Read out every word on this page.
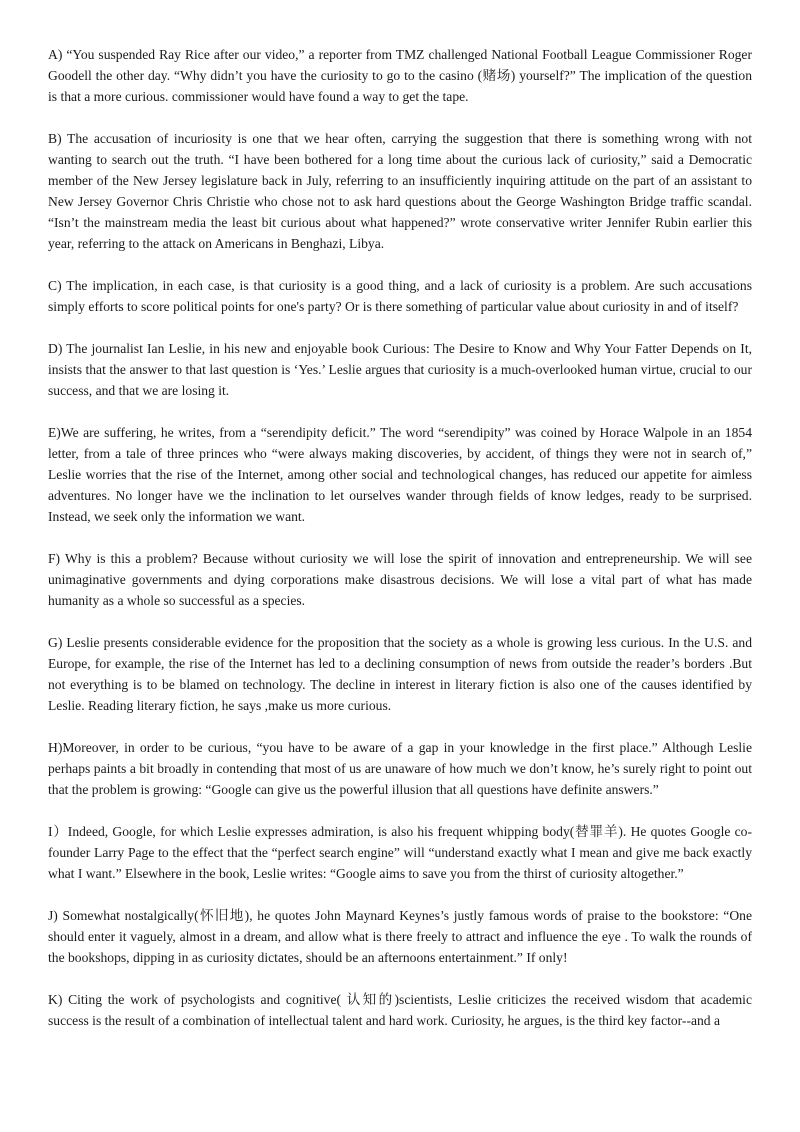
A) “You suspended Ray Rice after our video,” a reporter from TMZ challenged National Football League Commissioner Roger Goodell the other day. “Why didn’t you have the curiosity to go to the casino (赌场) yourself?” The implication of the question is that a more curious. commissioner would have found a way to get the tape.

B) The accusation of incuriosity is one that we hear often, carrying the suggestion that there is something wrong with not wanting to search out the truth. “I have been bothered for a long time about the curious lack of curiosity,” said a Democratic member of the New Jersey legislature back in July, referring to an insufficiently inquiring attitude on the part of an assistant to New Jersey Governor Chris Christie who chose not to ask hard questions about the George Washington Bridge traffic scandal. “Isn’t the mainstream media the least bit curious about what happened?” wrote conservative writer Jennifer Rubin earlier this year, referring to the attack on Americans in Benghazi, Libya.

C) The implication, in each case, is that curiosity is a good thing, and a lack of curiosity is a problem. Are such accusations simply efforts to score political points for one's party? Or is there something of particular value about curiosity in and of itself?

D) The journalist Ian Leslie, in his new and enjoyable book Curious: The Desire to Know and Why Your Fatter Depends on It, insists that the answer to that last question is ‘Yes.’ Leslie argues that curiosity is a much-overlooked human virtue, crucial to our success, and that we are losing it.

E)We are suffering, he writes, from a “serendipity deficit.” The word “serendipity” was coined by Horace Walpole in an 1854 letter, from a tale of three princes who “were always making discoveries, by accident, of things they were not in search of,” Leslie worries that the rise of the Internet, among other social and technological changes, has reduced our appetite for aimless adventures. No longer have we the inclination to let ourselves wander through fields of know ledges, ready to be surprised. Instead, we seek only the information we want.

F) Why is this a problem? Because without curiosity we will lose the spirit of innovation and entrepreneurship. We will see unimaginative governments and dying corporations make disastrous decisions. We will lose a vital part of what has made humanity as a whole so successful as a species.

G) Leslie presents considerable evidence for the proposition that the society as a whole is growing less curious. In the U.S. and Europe, for example, the rise of the Internet has led to a declining consumption of news from outside the reader’s borders .But not everything is to be blamed on technology. The decline in interest in literary fiction is also one of the causes identified by Leslie. Reading literary fiction, he says ,make us more curious.

H)Moreover, in order to be curious, “you have to be aware of a gap in your knowledge in the first place.” Although Leslie perhaps paints a bit broadly in contending that most of us are unaware of how much we don’t know, he’s surely right to point out that the problem is growing: “Google can give us the powerful illusion that all questions have definite answers.”

I）Indeed, Google, for which Leslie expresses admiration, is also his frequent whipping body(替罪羊). He quotes Google co-founder Larry Page to the effect that the “perfect search engine” will “understand exactly what I mean and give me back exactly what I want.” Elsewhere in the book, Leslie writes: “Google aims to save you from the thirst of curiosity altogether.”

J) Somewhat nostalgically(怀旧地), he quotes John Maynard Keynes’s justly famous words of praise to the bookstore: “One should enter it vaguely, almost in a dream, and allow what is there freely to attract and influence the eye . To walk the rounds of the bookshops, dipping in as curiosity dictates, should be an afternoons entertainment.” If only!

K) Citing the work of psychologists and cognitive( 认知的)scientists, Leslie criticizes the received wisdom that academic success is the result of a combination of intellectual talent and hard work. Curiosity, he argues, is the third key factor--and a
